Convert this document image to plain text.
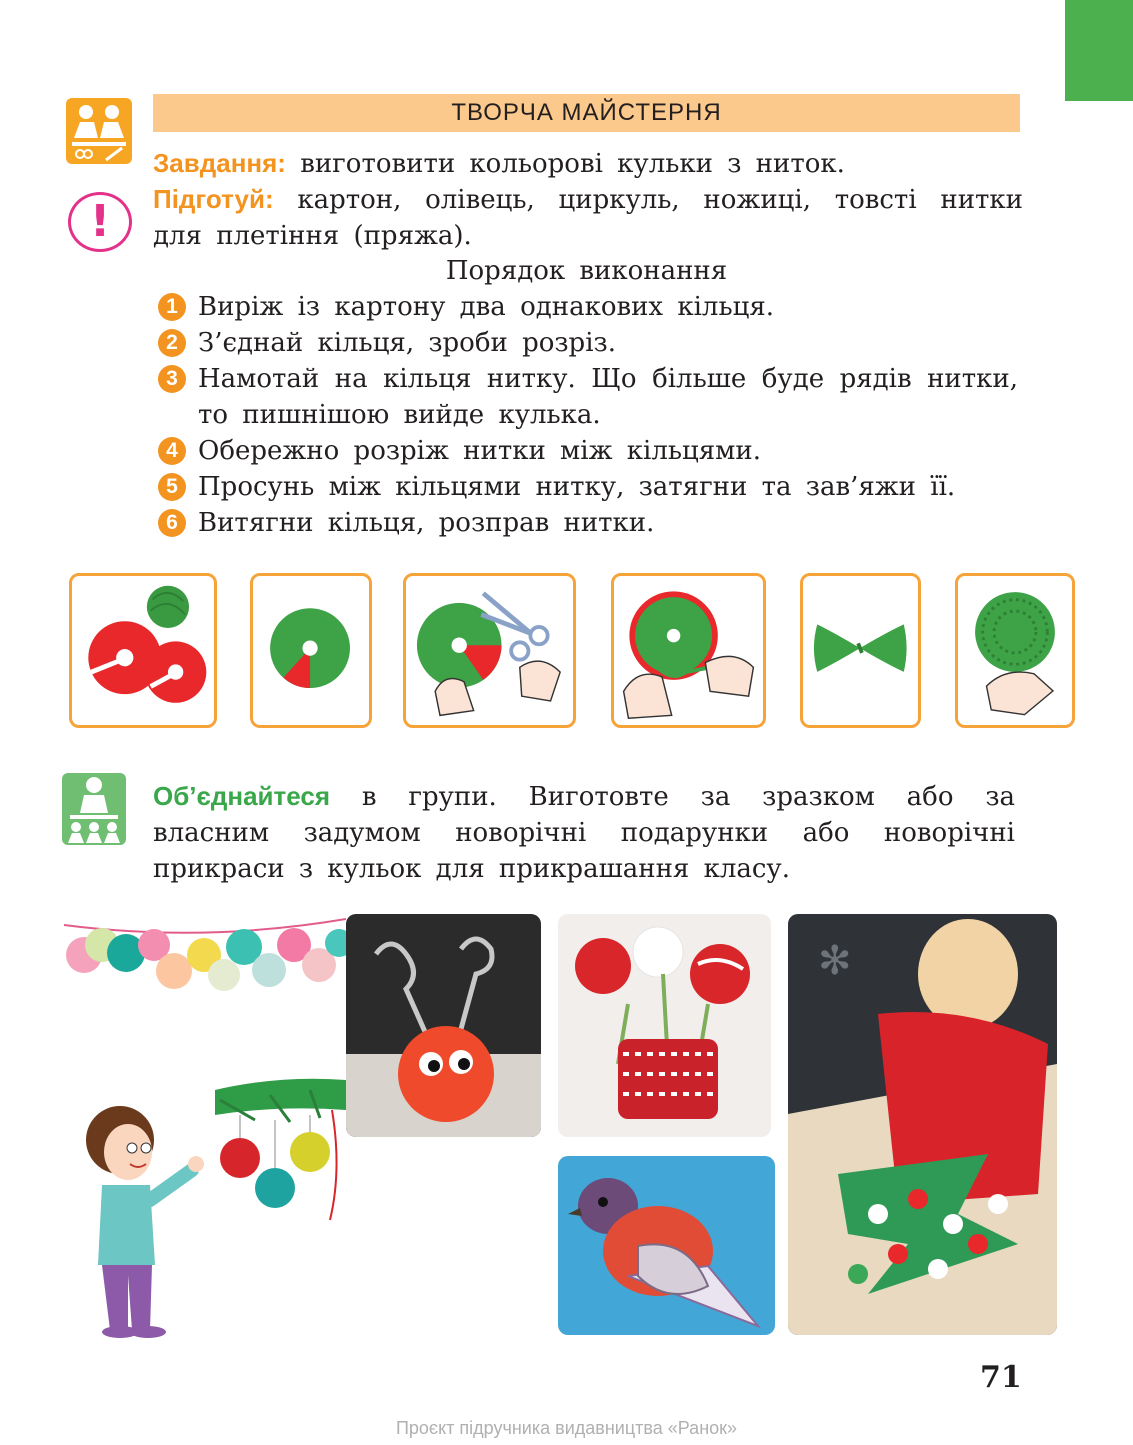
!
ТВОРЧА МАЙСТЕРНЯ
Завдання: виготовити кольорові кульки з ниток.
Підготуй: картон, олівець, циркуль, ножиці, товсті нитки для плетіння (пряжа).
Порядок виконання
1 Виріж із картону два однакових кільця.
2 З’єднай кільця, зроби розріз.
3 Намотай на кільця нитку. Що більше буде рядів нитки, то пишнішою вийде кулька.
4 Обережно розріж нитки між кільцями.
5 Просунь між кільцями нитку, затягни та зав’яжи її.
6 Витягни кільця, розправ нитки.
Об’єднайтеся в групи. Виготовте за зразком або за власним задумом новорічні подарунки або новорічні прикраси з кульок для прикрашання класу.
✻
71
Проєкт підручника видавництва «Ранок»
